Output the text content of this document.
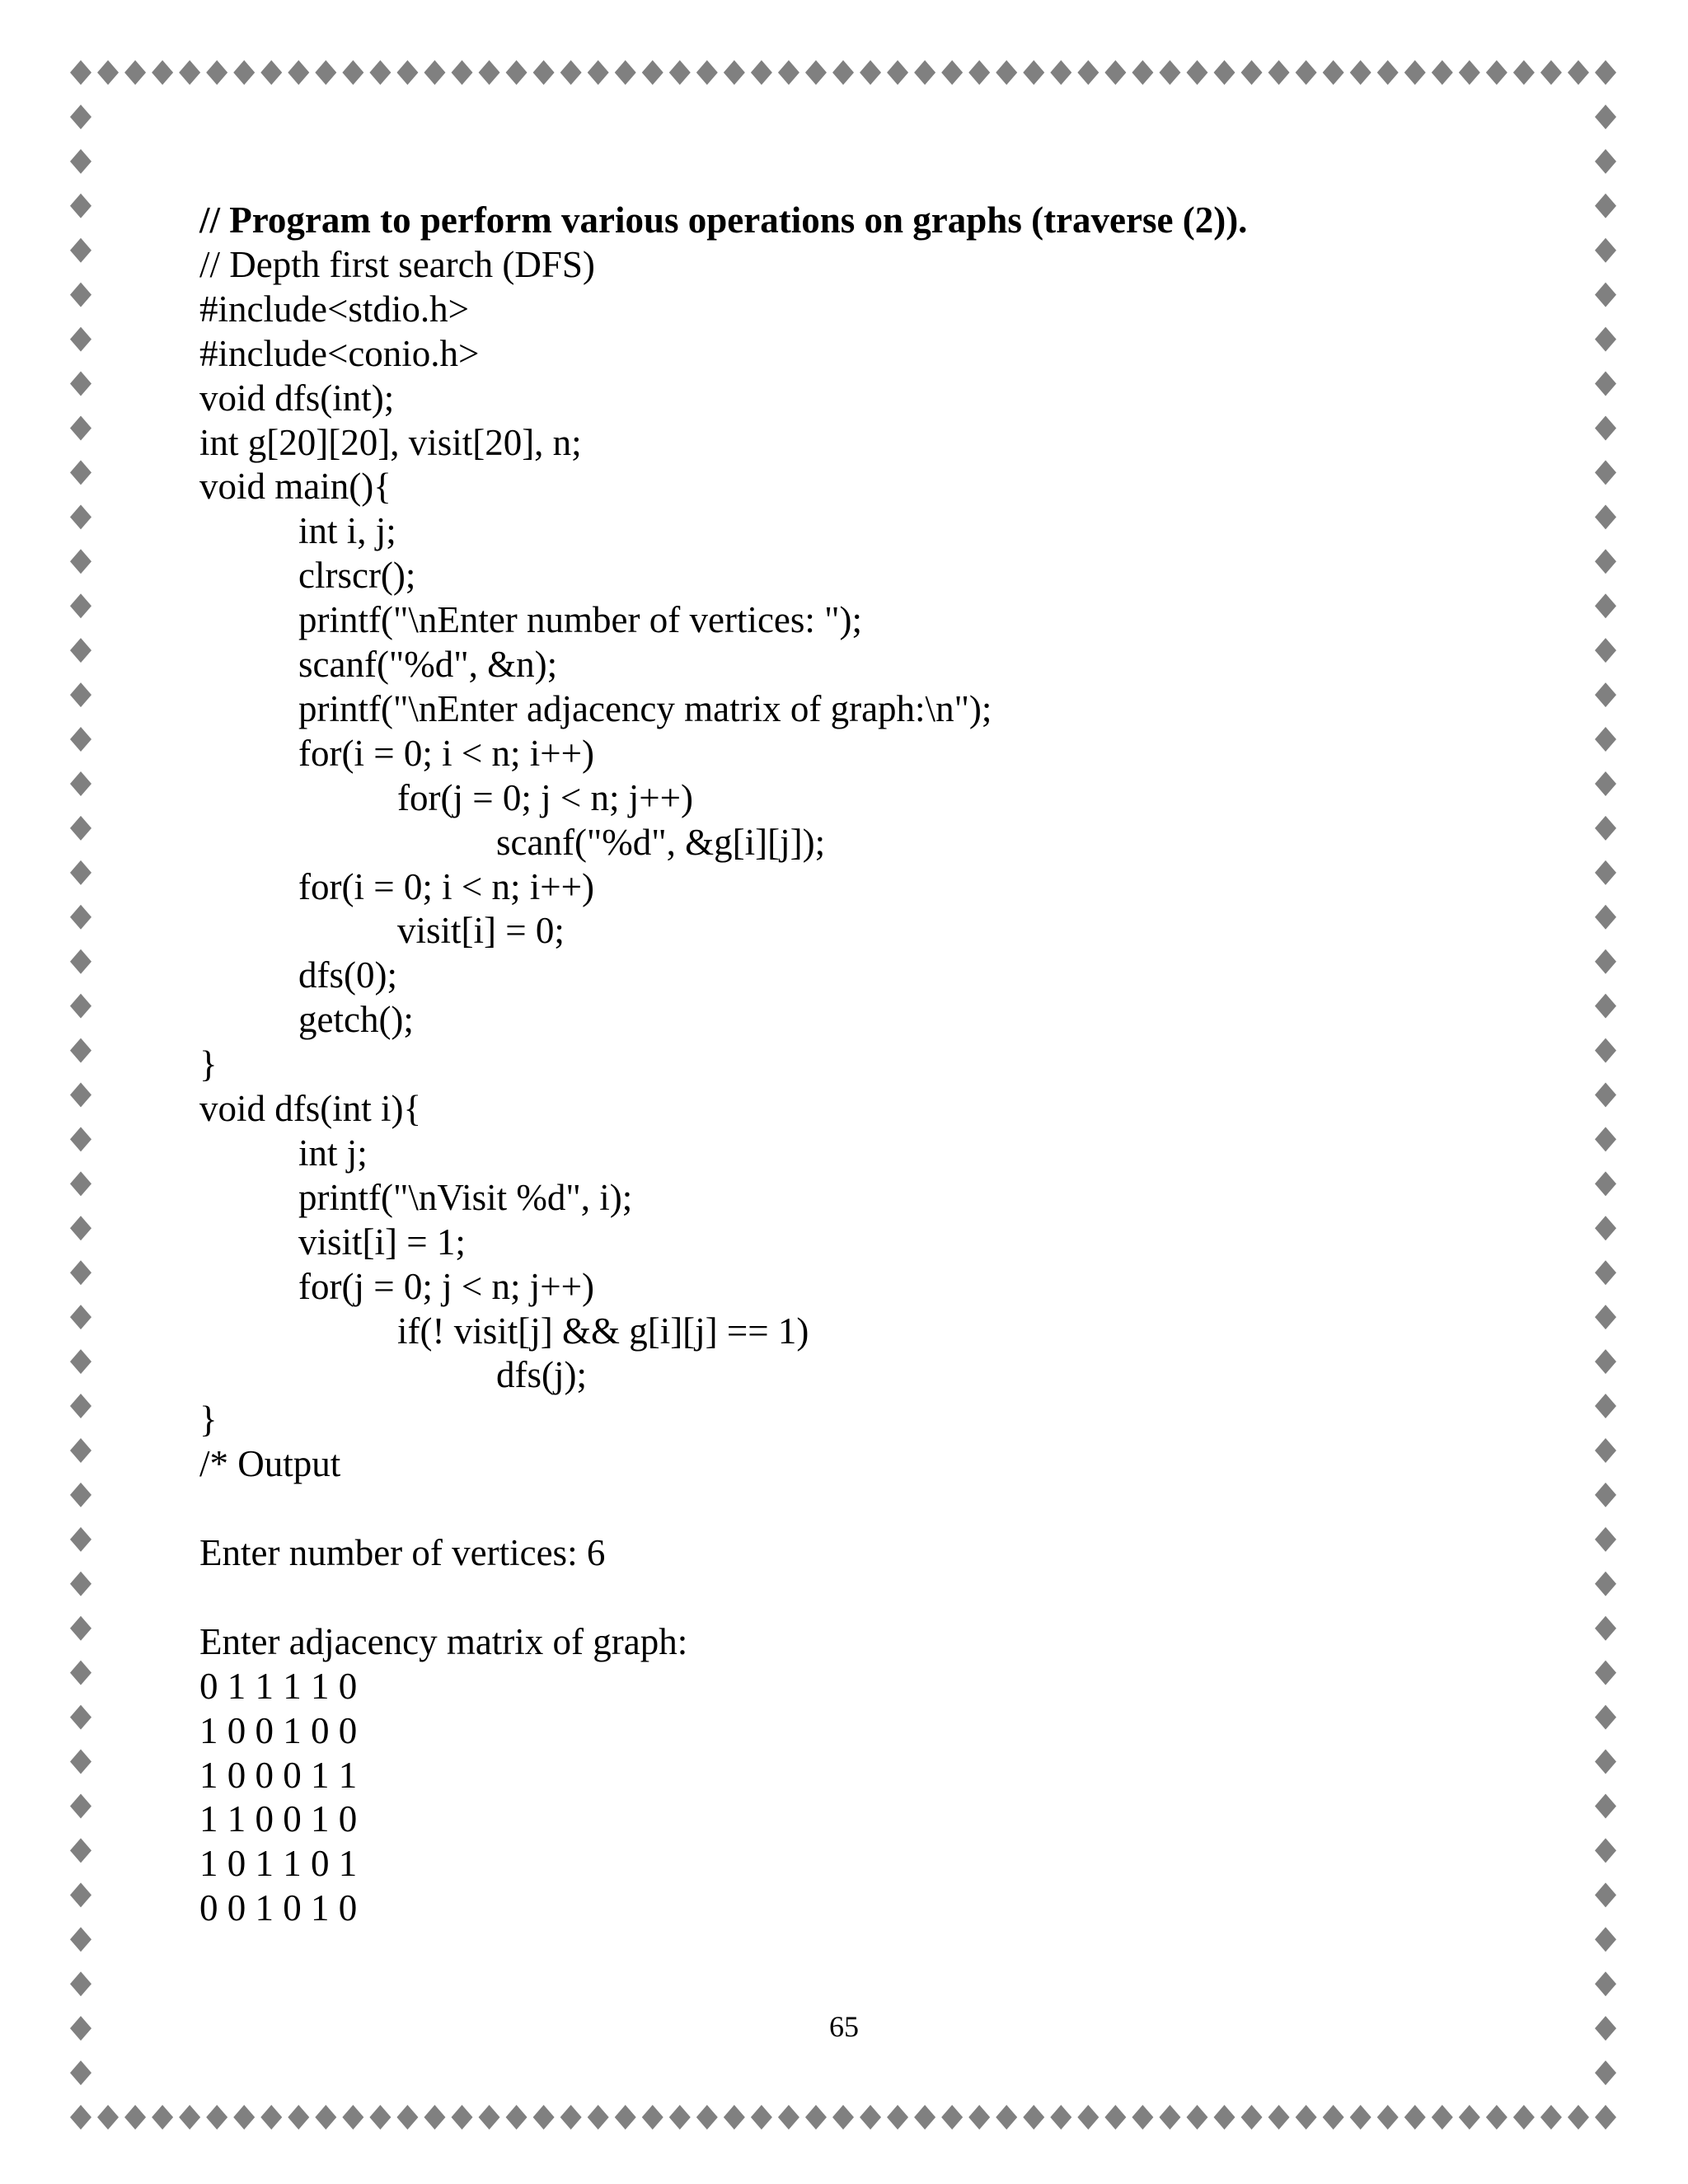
// Program to perform various operations on graphs (traverse (2)).
// Depth first search (DFS)
#include<stdio.h>
#include<conio.h>
void dfs(int);
int g[20][20], visit[20], n;
void main(){
int i, j;
clrscr();
printf("\nEnter number of vertices: ");
scanf("%d", &n);
printf("\nEnter adjacency matrix of graph:\n");
for(i = 0; i < n; i++)
for(j = 0; j < n; j++)
scanf("%d", &g[i][j]);
for(i = 0; i < n; i++)
visit[i] = 0;
dfs(0);
getch();
}
void dfs(int i){
int j;
printf("\nVisit %d", i);
visit[i] = 1;
for(j = 0; j < n; j++)
if(! visit[j] && g[i][j] == 1)
dfs(j);
}
/* Output
Enter number of vertices: 6
Enter adjacency matrix of graph:
0 1 1 1 1 0
1 0 0 1 0 0
1 0 0 0 1 1
1 1 0 0 1 0
1 0 1 1 0 1
0 0 1 0 1 0
65
